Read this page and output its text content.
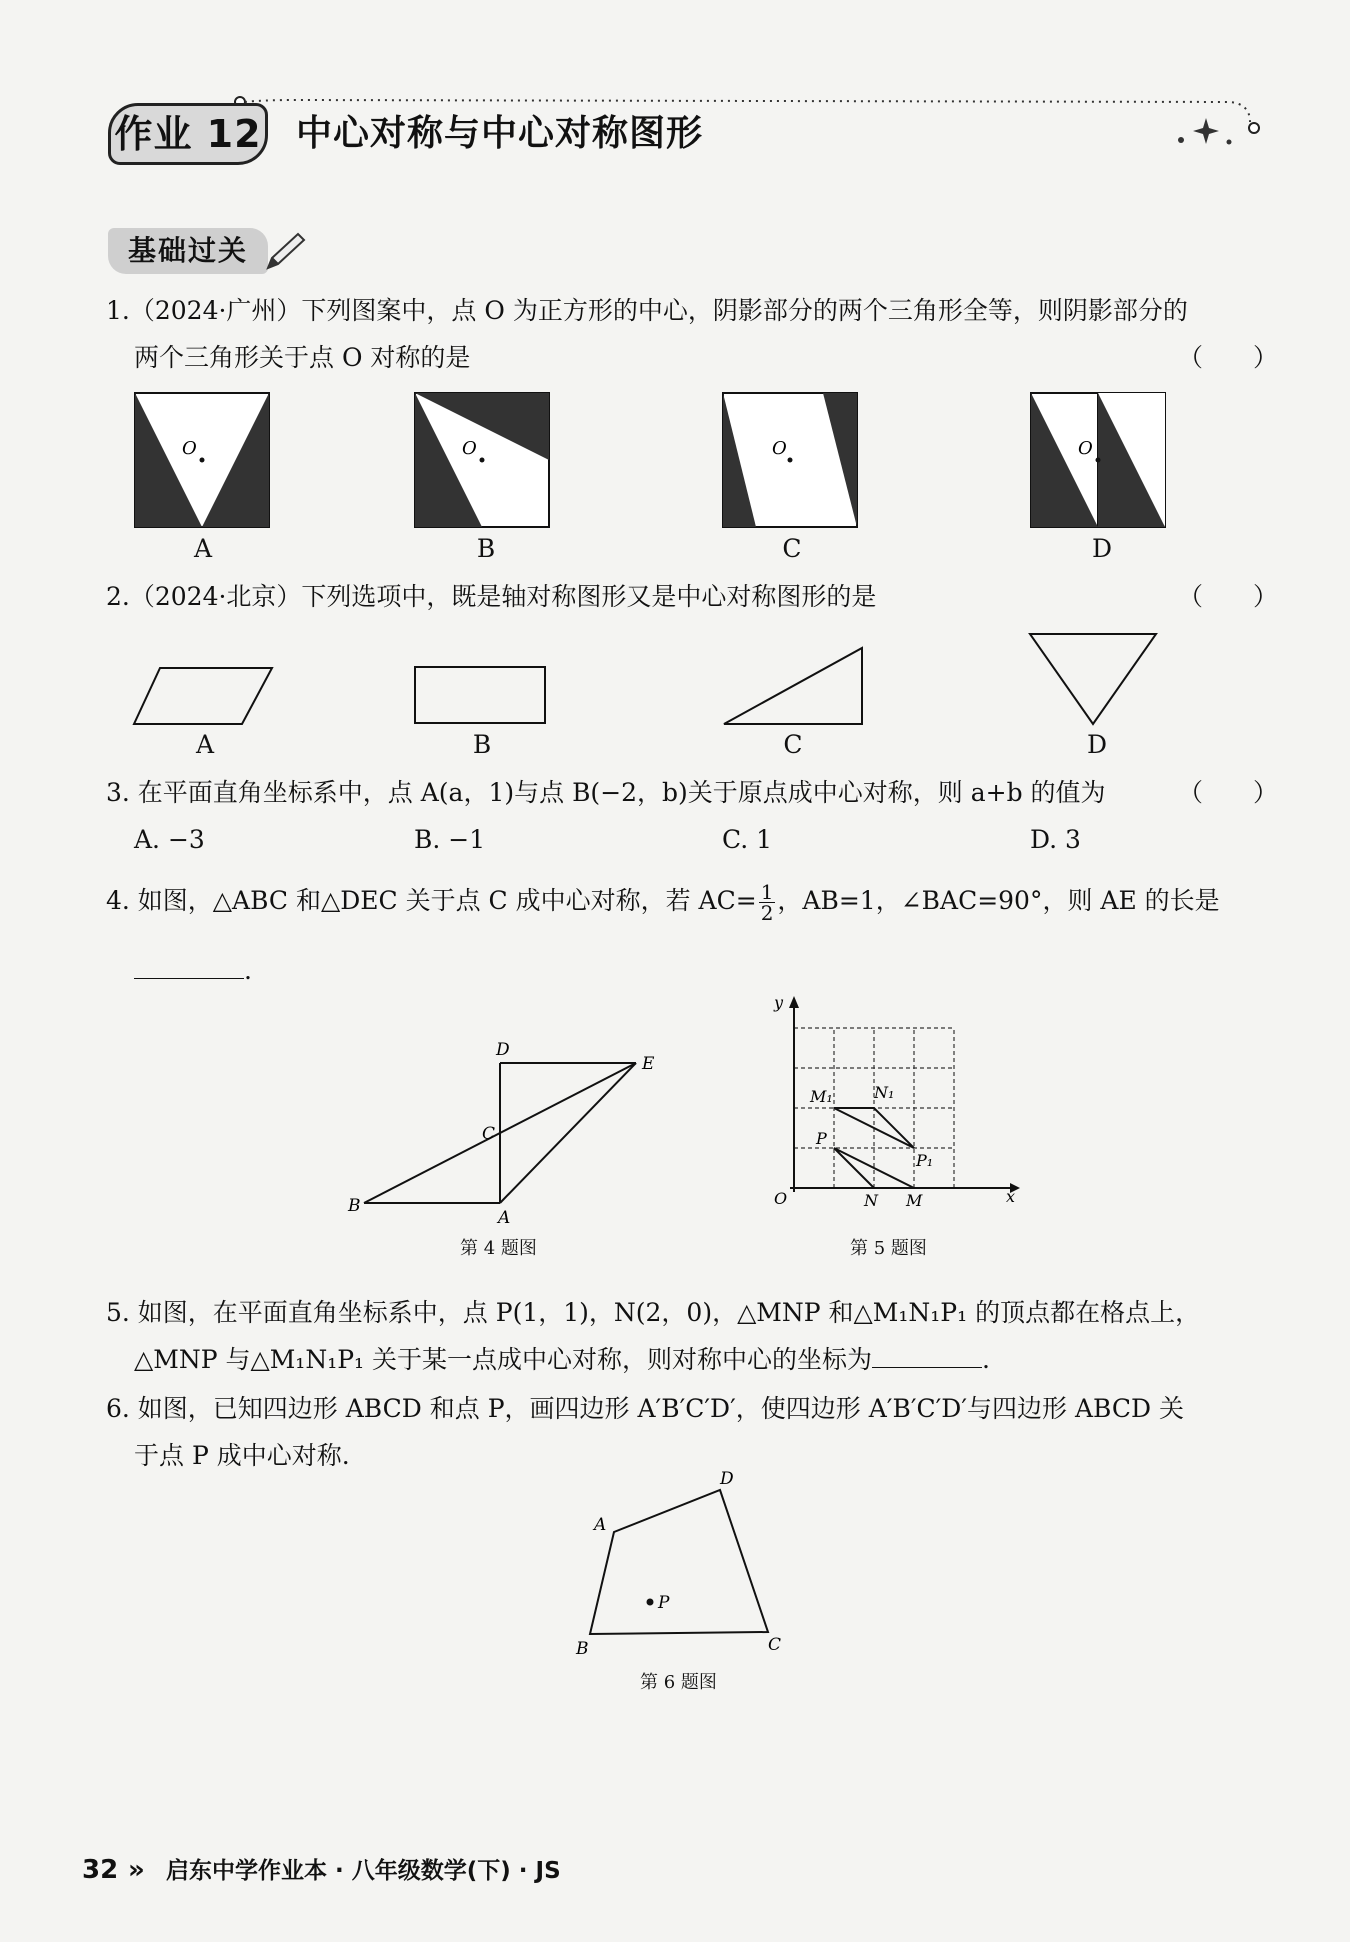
作业 12 中心对称与中心对称图形
基础过关
1.（2024·广州）下列图案中，点 O 为正方形的中心，阴影部分的两个三角形全等，则阴影部分的
两个三角形关于点 O 对称的是	（　　）
O	O	O	O
A	B	C	D
2.（2024·北京）下列选项中，既是轴对称图形又是中心对称图形的是	（　　）
A	B	C	D
3. 在平面直角坐标系中，点 A(a，1)与点 B(−2，b)关于原点成中心对称，则 a+b 的值为	（　　）
A. −3	B. −1	C. 1	D. 3
4. 如图，△ABC 和△DEC 关于点 C 成中心对称，若 $AC= \frac{1}{2}$ ，AB=1，∠BAC=90°，则 AE 的长是
.
B
A
C
D
E
第 4 题图
y
x
O
M₁	N₁
P
P₁
N M
第 5 题图
5. 如图，在平面直角坐标系中，点 P(1，1)，N(2，0)，△MNP 和△M₁N₁P₁ 的顶点都在格点上，
△MNP 与△M₁N₁P₁ 关于某一点成中心对称，则对称中心的坐标为	.
6. 如图，已知四边形 ABCD 和点 P，画四边形 A′B′C′D′，使四边形 A′B′C′D′与四边形 ABCD 关
于点 P 成中心对称.
A
D
B	C
P
第 6 题图
32 » 启东中学作业本 · 八年级数学(下) · JS
